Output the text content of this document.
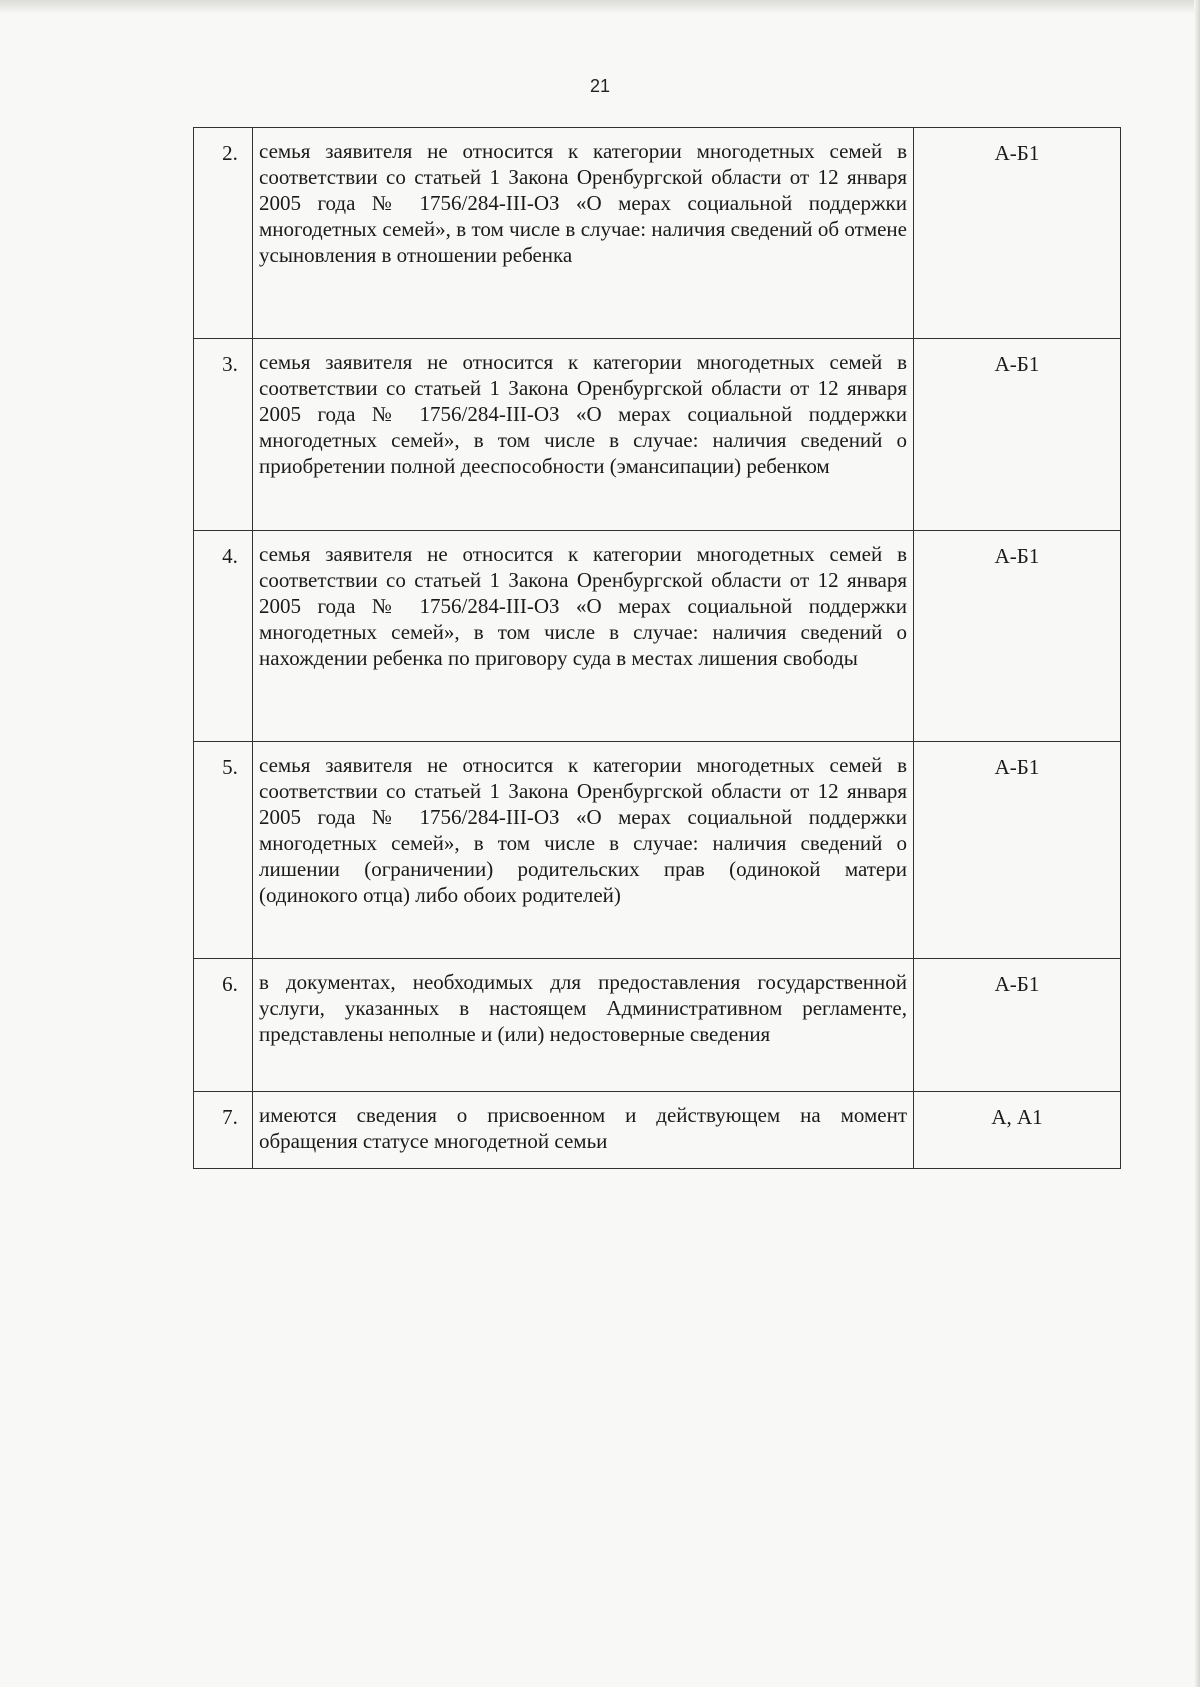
21
2.	семья заявителя не относится к категории многодетных семей в соответствии со статьей 1 Закона Оренбургской области от 12 января 2005 года № 1756/284-III-ОЗ «О мерах социальной поддержки многодетных семей», в том числе в случае: наличия сведений об отмене усыновления в отношении ребенка	А-Б1
3.	семья заявителя не относится к категории многодетных семей в соответствии со статьей 1 Закона Оренбургской области от 12 января 2005 года № 1756/284-III-ОЗ «О мерах социальной поддержки многодетных семей», в том числе в случае: наличия сведений о приобретении полной дееспособности (эмансипации) ребенком	А-Б1
4.	семья заявителя не относится к категории многодетных семей в соответствии со статьей 1 Закона Оренбургской области от 12 января 2005 года № 1756/284-III-ОЗ «О мерах социальной поддержки многодетных семей», в том числе в случае: наличия сведений о нахождении ребенка по приговору суда в местах лишения свободы	А-Б1
5.	семья заявителя не относится к категории многодетных семей в соответствии со статьей 1 Закона Оренбургской области от 12 января 2005 года № 1756/284-III-ОЗ «О мерах социальной поддержки многодетных семей», в том числе в случае: наличия сведений о лишении (ограничении) родительских прав (одинокой матери (одинокого отца) либо обоих родителей)	А-Б1
6.	в документах, необходимых для предоставления государственной услуги, указанных в настоящем Административном регламенте, представлены неполные и (или) недостоверные сведения	А-Б1
7.	имеются сведения о присвоенном и действующем на момент обращения статусе многодетной семьи	А, А1
